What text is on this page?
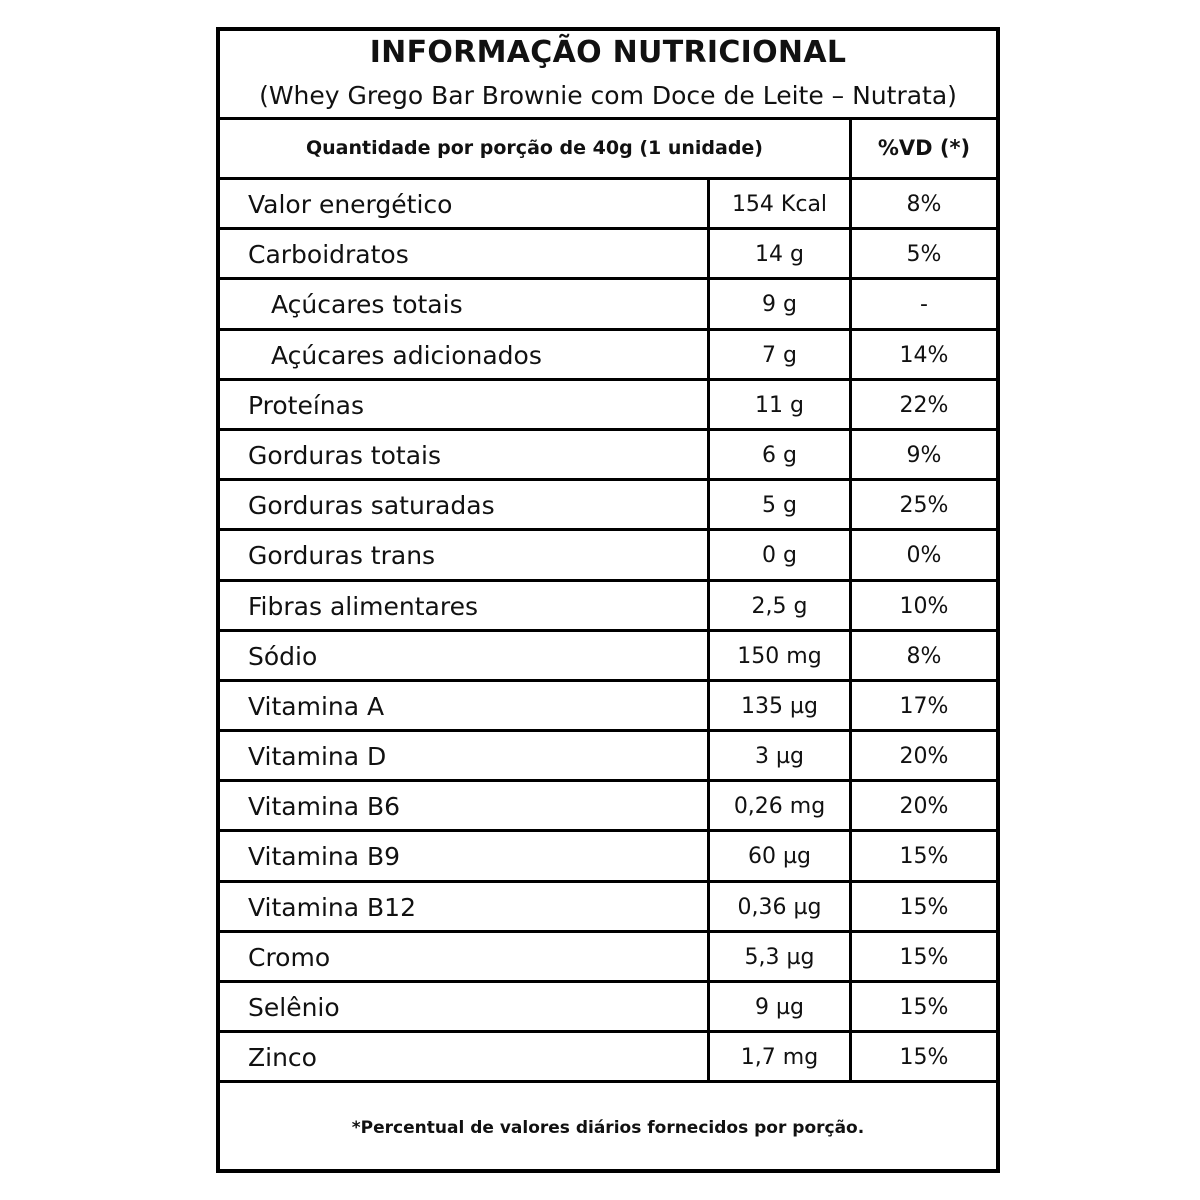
INFORMAÇÃO NUTRICIONAL
(Whey Grego Bar Brownie com Doce de Leite – Nutrata)
Quantidade por porção de 40g (1 unidade)	%VD (*)
Valor energético	154 Kcal	8%
Carboidratos	14 g	5%
Açúcares totais	9 g	-
Açúcares adicionados	7 g	14%
Proteínas	11 g	22%
Gorduras totais	6 g	9%
Gorduras saturadas	5 g	25%
Gorduras trans	0 g	0%
Fibras alimentares	2,5 g	10%
Sódio	150 mg	8%
Vitamina A	135 µg	17%
Vitamina D	3 µg	20%
Vitamina B6	0,26 mg	20%
Vitamina B9	60 µg	15%
Vitamina B12	0,36 µg	15%
Cromo	5,3 µg	15%
Selênio	9 µg	15%
Zinco	1,7 mg	15%
*Percentual de valores diários fornecidos por porção.
